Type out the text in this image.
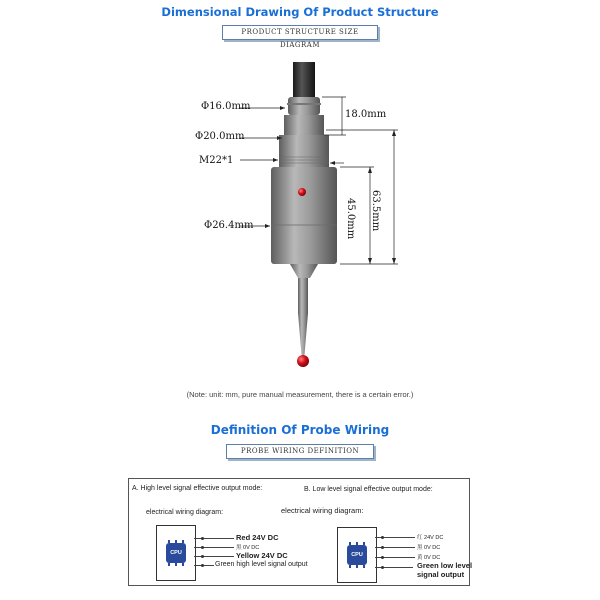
Dimensional Drawing Of Product Structure
PRODUCT STRUCTURE SIZE DIAGRAM
Φ16.0mm
18.0mm
Φ20.0mm
M22*1
Φ26.4mm	63.5mm
45.0mm
(Note: unit: mm, pure manual measurement, there is a certain error.)
Definition Of Probe Wiring
PROBE WIRING DEFINITION
A. High level signal effective output mode:	B. Low level signal effective output mode:
electrical wiring diagram:	electrical wiring diagram:
CPU
Red 24V DC
黑 0V DC
Yellow 24V DC
Green high level signal output
CPU
红 24V DC
黑 0V DC
黄 0V DC
Green low level
signal output
